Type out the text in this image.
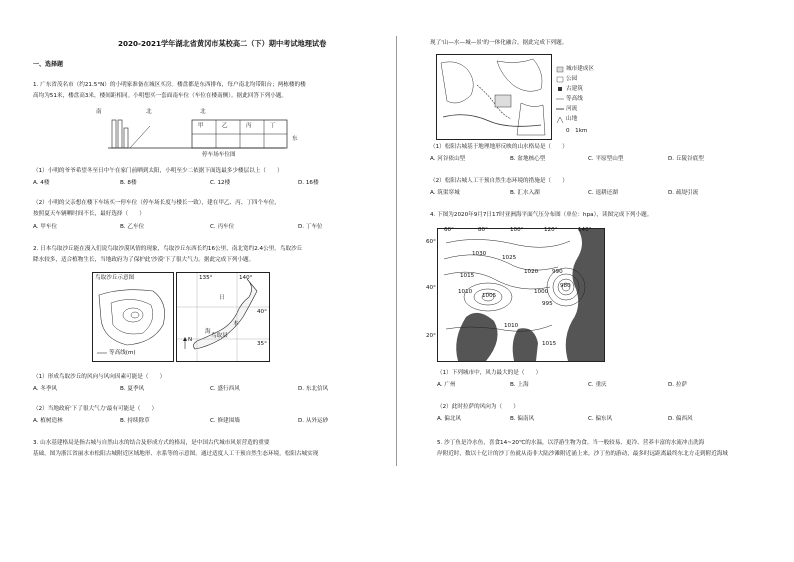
2020-2021学年湖北省黄冈市某校高二（下）期中考试地理试卷
一、选择题
1. 广东省茂名市（约21.5°N）的小明家准备在城区买房。楼盘都是东西排布，每户南北均带阳台；两栋楼的楼
高均为51米，楼盘高3米，楼间距相同。小明想买一套面南车位（车位在楼南侧）。据此回答下列小题。
南	北	北
甲	乙	丙	丁
东
停车场车位图
（1）小明的爷爷希望冬至日中午在家门前晒到太阳，小明至少二依据下面选最多少楼层以上（　　）
A. 4楼	B. 8楼	C. 12楼	D. 16楼
（2）小明的父亲想在楼下车场买一停车位（停车场长度与楼长一致），建在甲乙、丙、丁四个车位，
按照夏天车辆晒时间不长，最好选择（　　）
A. 甲车位	B. 乙车位	C. 丙车位	D. 丁车位
2. 日本鸟取沙丘能在漫入们说鸟取沙漠风情的现象，鸟取沙丘东西长约16公里，南北宽约2.4公里。鸟取沙丘
降水较多，适合植物生长，当地政府为了保护此'沙漠'下了很大气力。据此完成下列小题。
鸟取沙丘示意图
等高线(m)
135°	140°
40°
35°
日
本
海
鸟取县
N
（1）形成鸟取沙丘的风向与风向因素可能是（　　）
A. 冬季风	B. 夏季风	C. 盛行西风	D. 东北信风
（2）当地政府'下了很大气力'最有可能是（　　）
A. 植树造林	B. 持续除草	C. 修建围墙	D. 从外运砂
3. 山水基建格局是指古城与自然山水的结合及形成方式的格局，是中国古代城市风景营造的重要
基础。图为浙江省丽水市松阳古城附近区域地形、水系等的示意图。通过适度人工干预自然生态环境，松阳古城实现
现了'山—水—城—景'的一体化融合。据此完成下列题。
城市建成区
公园
古建筑
等高线
河流
山地
0　1km
（1）松阳古城基于地理地形反映的山水格局是（　　）
A. 河谷依山型	B. 盆地核心型	C. 平原型山型	D. 丘陵谷底型
（2）松阳古城人工干预自然生态环境的措施是（　　）
A. 筑渠穿城	B. 汇水入湖	C. 退耕还湖	D. 疏堤引流
4. 下图为2020年9月7日17时亚洲海平面气压分布图（单位：hpa），读图完成下列小题。
60°	80°	100°	120°	140°
60°
40°
20°
1030
1025
1020
1015
1010
1005
1000
995
990
980
1010
1015
（1）下列城市中，风力最大的是（　　）
A. 广州	B. 上海	C. 重庆	D. 拉萨
（2）此时拉萨的风向为（　　）
A. 偏北风	B. 偏南风	C. 偏东风	D. 偏西风
5. 沙丁鱼是冷水鱼，喜食14~20℃的水温，以浮游生物为食。当一般较易、更冷、营养丰富的水流冲击洗海
岸附近时，数以十亿计的沙丁鱼就从南非大陆沙滩附近涌上来，沙丁鱼的游动，最多时远距离最终东北方走到附近海域
